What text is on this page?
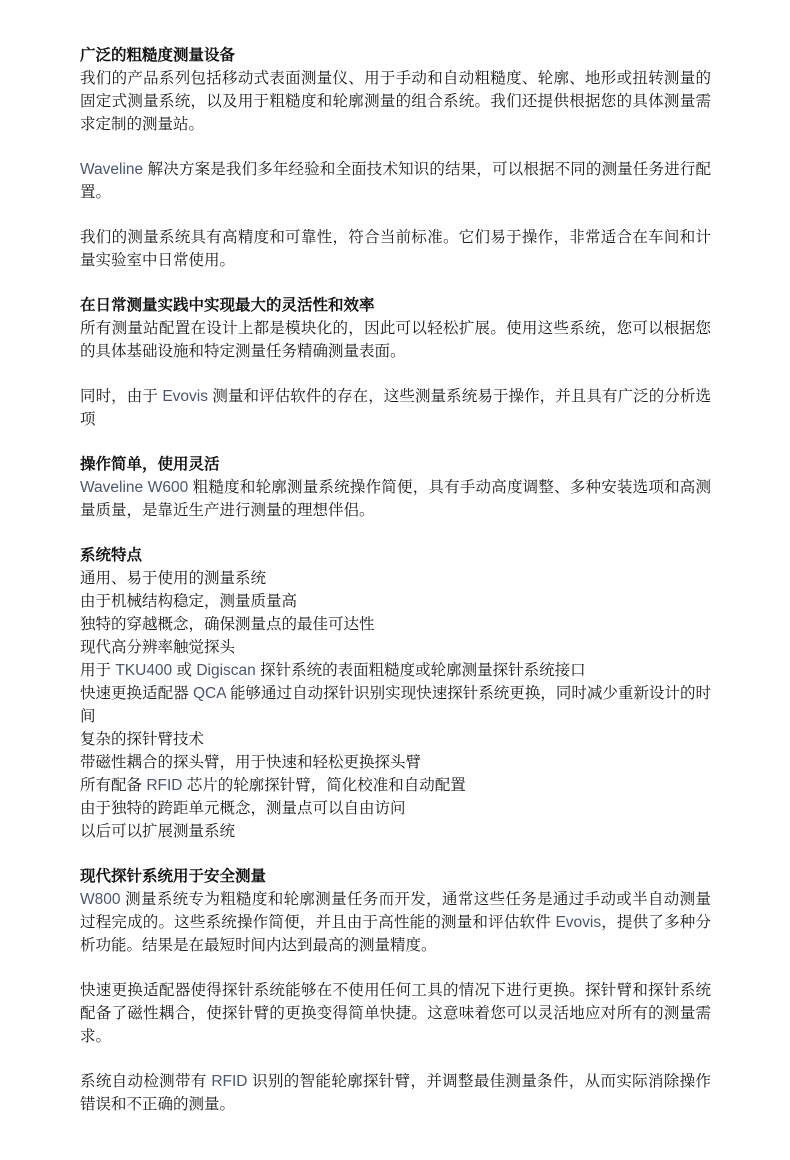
广泛的粗糙度测量设备

我们的产品系列包括移动式表面测量仪、用于手动和自动粗糙度、轮廓、地形或扭转测量的固定式测量系统，以及用于粗糙度和轮廓测量的组合系统。我们还提供根据您的具体测量需求定制的测量站。

Waveline 解决方案是我们多年经验和全面技术知识的结果，可以根据不同的测量任务进行配置。

我们的测量系统具有高精度和可靠性，符合当前标准。它们易于操作，非常适合在车间和计量实验室中日常使用。

在日常测量实践中实现最大的灵活性和效率

所有测量站配置在设计上都是模块化的，因此可以轻松扩展。使用这些系统，您可以根据您的具体基础设施和特定测量任务精确测量表面。

同时，由于 Evovis 测量和评估软件的存在，这些测量系统易于操作，并且具有广泛的分析选项

操作简单，使用灵活

Waveline W600 粗糙度和轮廓测量系统操作简便，具有手动高度调整、多种安装选项和高测量质量，是靠近生产进行测量的理想伴侣。

系统特点

通用、易于使用的测量系统

由于机械结构稳定，测量质量高

独特的穿越概念，确保测量点的最佳可达性

现代高分辨率触觉探头

用于 TKU400 或 Digiscan 探针系统的表面粗糙度或轮廓测量探针系统接口

快速更换适配器 QCA 能够通过自动探针识别实现快速探针系统更换，同时减少重新设计的时间

复杂的探针臂技术

带磁性耦合的探头臂，用于快速和轻松更换探头臂

所有配备 RFID 芯片的轮廓探针臂，简化校准和自动配置

由于独特的跨距单元概念，测量点可以自由访问

以后可以扩展测量系统

现代探针系统用于安全测量

W800 测量系统专为粗糙度和轮廓测量任务而开发，通常这些任务是通过手动或半自动测量过程完成的。这些系统操作简便，并且由于高性能的测量和评估软件 Evovis，提供了多种分析功能。结果是在最短时间内达到最高的测量精度。

快速更换适配器使得探针系统能够在不使用任何工具的情况下进行更换。探针臂和探针系统配备了磁性耦合，使探针臂的更换变得简单快捷。这意味着您可以灵活地应对所有的测量需求。

系统自动检测带有 RFID 识别的智能轮廓探针臂，并调整最佳测量条件，从而实际消除操作错误和不正确的测量。
